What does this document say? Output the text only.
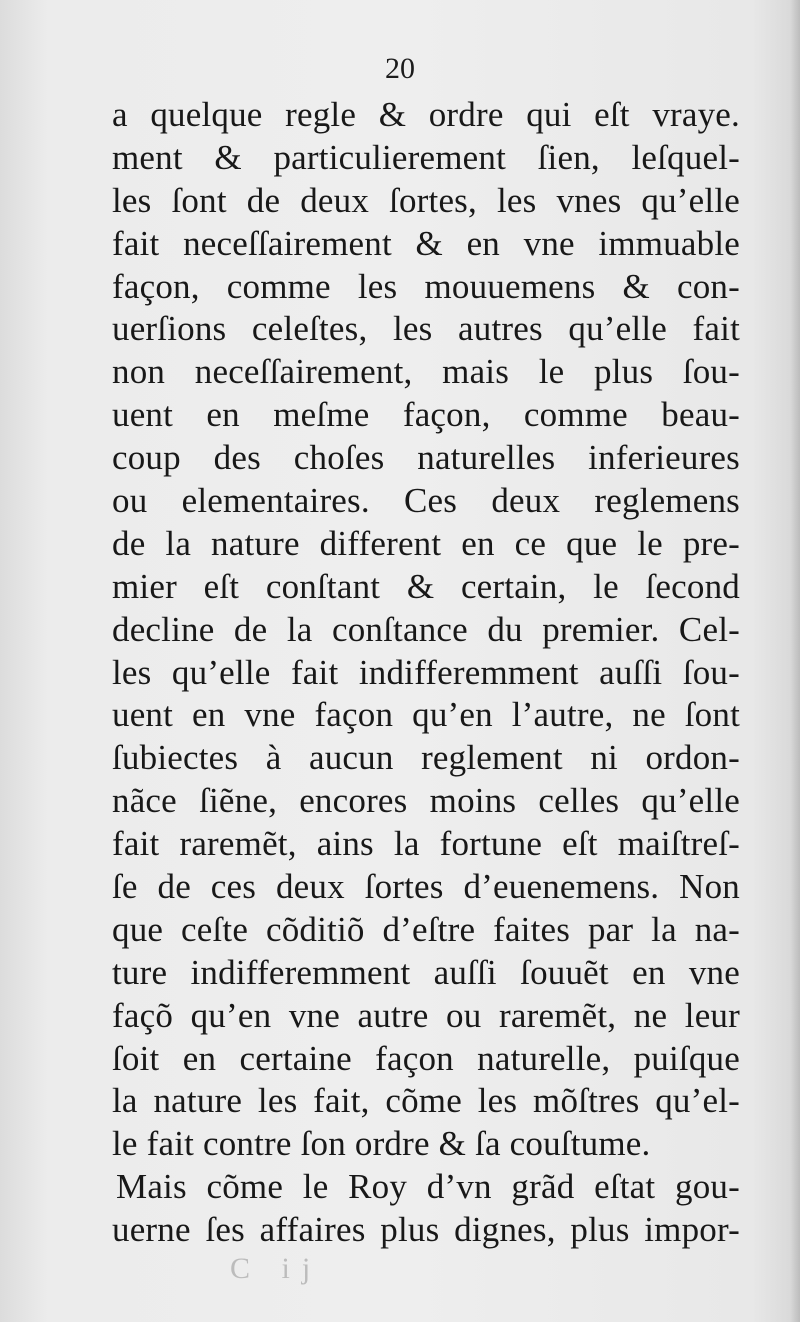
20
a quelque regle & ordre qui eſt vraye.
ment & particulierement ſien, leſquel-
les ſont de deux ſortes, les vnes qu’elle
fait neceſſairement & en vne immuable
façon, comme les mouuemens & con-
uerſions celeſtes, les autres qu’elle fait
non neceſſairement, mais le plus ſou-
uent en meſme façon, comme beau-
coup des choſes naturelles inferieures
ou elementaires. Ces deux reglemens
de la nature different en ce que le pre-
mier eſt conſtant & certain, le ſecond
decline de la conſtance du premier. Cel-
les qu’elle fait indifferemment auſſi ſou-
uent en vne façon qu’en l’autre, ne ſont
ſubiectes à aucun reglement ni ordon-
nãce ſiẽne, encores moins celles qu’elle
fait raremẽt, ains la fortune eſt maiſtreſ-
ſe de ces deux ſortes d’euenemens. Non
que ceſte cõditiõ d’eſtre faites par la na-
ture indifferemment auſſi ſouuẽt en vne
façõ qu’en vne autre ou raremẽt, ne leur
ſoit en certaine façon naturelle, puiſque
la nature les fait, cõme les mõſtres qu’el-
le fait contre ſon ordre & ſa couſtume.
Mais cõme le Roy d’vn grãd eſtat gou-
uerne ſes affaires plus dignes, plus impor-
C ij
